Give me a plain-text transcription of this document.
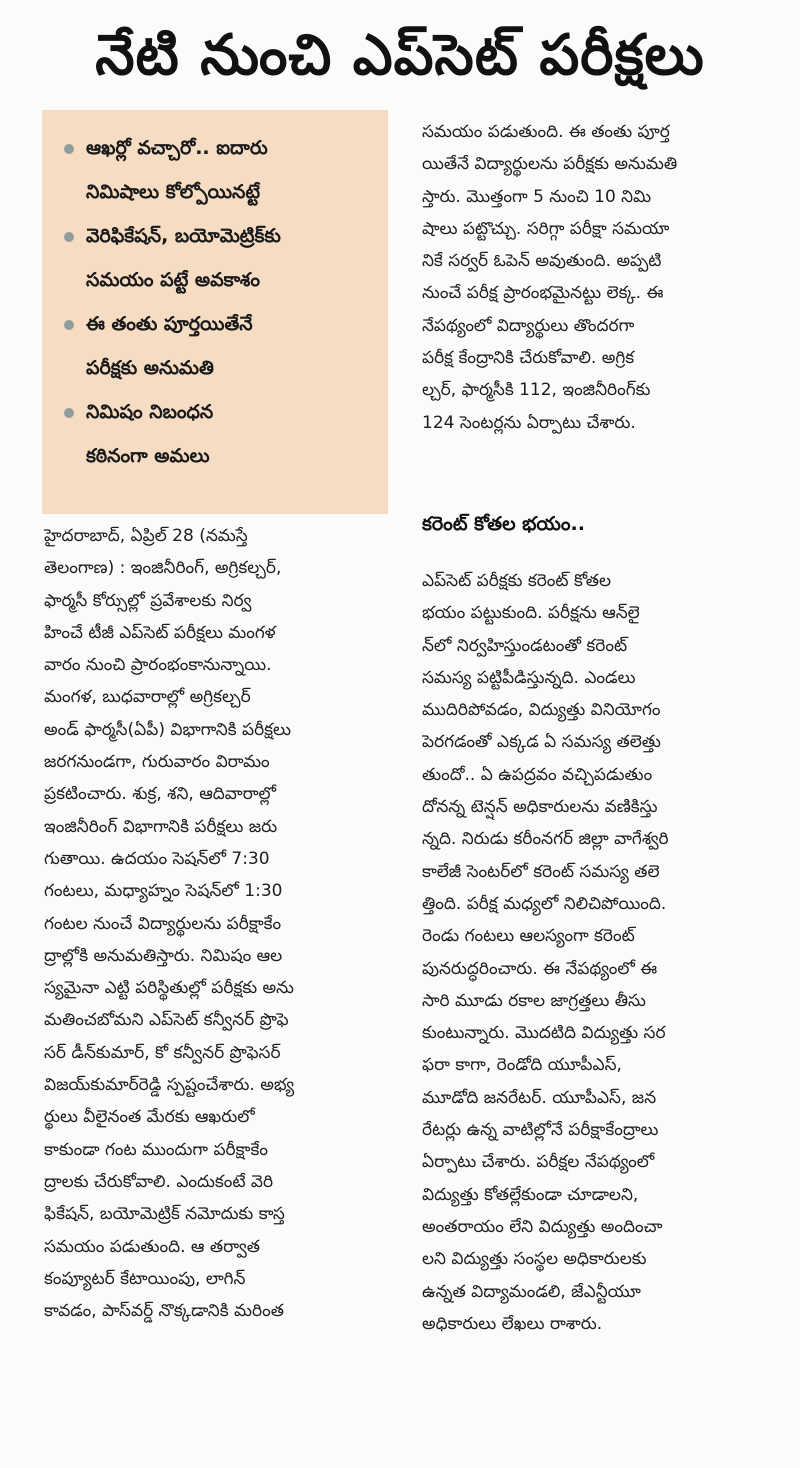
నేటి నుంచి ఎప్‌సెట్ పరీక్షలు
ఆఖర్లో వచ్చారో.. ఐదారు
నిమిషాలు కోల్పోయినట్టే
వెరిఫికేషన్, బయోమెట్రిక్‌కు
సమయం పట్టే అవకాశం
ఈ తంతు పూర్తయితేనే
పరీక్షకు అనుమతి
నిమిషం నిబంధన
కఠినంగా అమలు
హైదరాబాద్, ఏప్రిల్ 28 (నమస్తే
తెలంగాణ) : ఇంజినీరింగ్, అగ్రికల్చర్,
ఫార్మసీ కోర్సుల్లో ప్రవేశాలకు నిర్వ
హించే టీజీ ఎప్‌సెట్ పరీక్షలు మంగళ
వారం నుంచి ప్రారంభంకానున్నాయి.
మంగళ, బుధవారాల్లో అగ్రికల్చర్
అండ్ ఫార్మసీ(ఏపీ) విభాగానికి పరీక్షలు
జరగనుండగా, గురువారం విరామం
ప్రకటించారు. శుక్ర, శని, ఆదివారాల్లో
ఇంజినీరింగ్ విభాగానికి పరీక్షలు జరు
గుతాయి. ఉదయం సెషన్‌లో 7:30
గంటలు, మధ్యాహ్నం సెషన్‌లో 1:30
గంటల నుంచే విద్యార్థులను పరీక్షాకేం
ద్రాల్లోకి అనుమతిస్తారు. నిమిషం ఆల
స్యమైనా ఎట్టి పరిస్థితుల్లో పరీక్షకు అను
మతించబోమని ఎప్‌సెట్ కన్వీనర్ ప్రొఫె
సర్ డీన్‌కుమార్, కో కన్వీనర్ ప్రొఫెసర్
విజయ్‌కుమార్‌రెడ్డి స్పష్టంచేశారు. అభ్య
ర్థులు వీలైనంత మేరకు ఆఖరులో
కాకుండా గంట ముందుగా పరీక్షాకేం
ద్రాలకు చేరుకోవాలి. ఎందుకంటే వెరి
ఫికేషన్, బయోమెట్రిక్ నమోదుకు కాస్త
సమయం పడుతుంది. ఆ తర్వాత
కంప్యూటర్ కేటాయింపు, లాగిన్
కావడం, పాస్‌వర్డ్ నొక్కడానికి మరింత
సమయం పడుతుంది. ఈ తంతు పూర్త
యితేనే విద్యార్థులను పరీక్షకు అనుమతి
స్తారు. మొత్తంగా 5 నుంచి 10 నిమి
షాలు పట్టొచ్చు. సరిగ్గా పరీక్షా సమయా
నికే సర్వర్ ఓపెన్ అవుతుంది. అప్పటి
నుంచే పరీక్ష ప్రారంభమైనట్టు లెక్క. ఈ
నేపథ్యంలో విద్యార్థులు తొందరగా
పరీక్ష కేంద్రానికి చేరుకోవాలి. అగ్రిక
ల్చర్, ఫార్మసీకి 112, ఇంజినీరింగ్‌కు
124 సెంటర్లను ఏర్పాటు చేశారు.
కరెంట్ కోతల భయం..
ఎప్‌సెట్ పరీక్షకు కరెంట్ కోతల
భయం పట్టుకుంది. పరీక్షను ఆన్‌లై
న్‌లో నిర్వహిస్తుండటంతో కరెంట్
సమస్య పట్టిపీడిస్తున్నది. ఎండలు
ముదిరిపోవడం, విద్యుత్తు వినియోగం
పెరగడంతో ఎక్కడ ఏ సమస్య తలెత్తు
తుందో.. ఏ ఉపద్రవం వచ్చిపడుతుం
దోనన్న టెన్షన్ అధికారులను వణికిస్తు
న్నది. నిరుడు కరీంనగర్ జిల్లా వాగేశ్వరి
కాలేజీ సెంటర్‌లో కరెంట్ సమస్య తలె
త్తింది. పరీక్ష మధ్యలో నిలిచిపోయింది.
రెండు గంటలు ఆలస్యంగా కరెంట్
పునరుద్ధరించారు. ఈ నేపథ్యంలో ఈ
సారి మూడు రకాల జాగ్రత్తలు తీసు
కుంటున్నారు. మొదటిది విద్యుత్తు సర
ఫరా కాగా, రెండోది యూపీఎస్,
మూడోది జనరేటర్. యూపీఎస్, జన
రేటర్లు ఉన్న వాటిల్లోనే పరీక్షాకేంద్రాలు
ఏర్పాటు చేశారు. పరీక్షల నేపథ్యంలో
విద్యుత్తు కోతల్లేకుండా చూడాలని,
అంతరాయం లేని విద్యుత్తు అందించా
లని విద్యుత్తు సంస్థల అధికారులకు
ఉన్నత విద్యామండలి, జేఎన్టీయూ
అధికారులు లేఖలు రాశారు.
